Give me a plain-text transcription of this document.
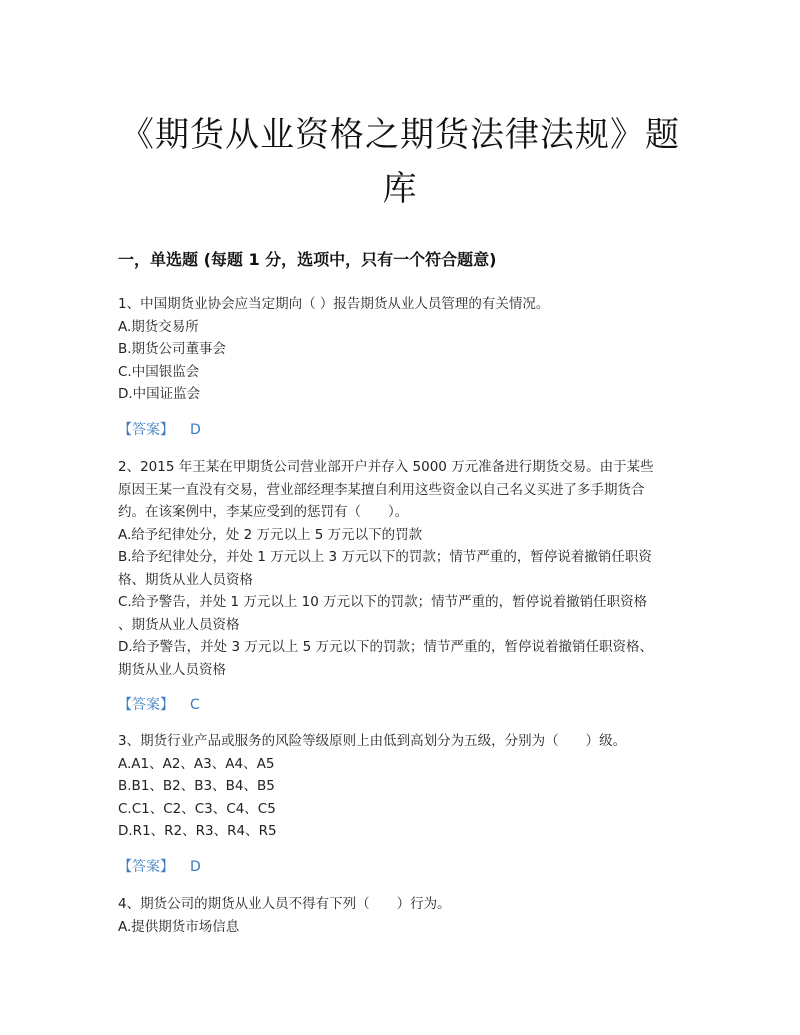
《期货从业资格之期货法律法规》题
库
一，单选题 (每题 1 分，选项中，只有一个符合题意)
1、中国期货业协会应当定期向（ ）报告期货从业人员管理的有关情况。
A.期货交易所
B.期货公司董事会
C.中国银监会
D.中国证监会
【答案】 D
2、2015 年王某在甲期货公司营业部开户并存入 5000 万元准备进行期货交易。由于某些
原因王某一直没有交易，营业部经理李某擅自利用这些资金以自己名义买进了多手期货合
约。在该案例中，李某应受到的惩罚有（　　）。
A.给予纪律处分，处 2 万元以上 5 万元以下的罚款
B.给予纪律处分，并处 1 万元以上 3 万元以下的罚款；情节严重的，暂停说着撤销任职资
格、期货从业人员资格
C.给予警告，并处 1 万元以上 10 万元以下的罚款；情节严重的，暂停说着撤销任职资格
、期货从业人员资格
D.给予警告，并处 3 万元以上 5 万元以下的罚款；情节严重的，暂停说着撤销任职资格、
期货从业人员资格
【答案】 C
3、期货行业产品或服务的风险等级原则上由低到高划分为五级，分别为（　　）级。
A.A1、A2、A3、A4、A5
B.B1、B2、B3、B4、B5
C.C1、C2、C3、C4、C5
D.R1、R2、R3、R4、R5
【答案】 D
4、期货公司的期货从业人员不得有下列（　　）行为。
A.提供期货市场信息
